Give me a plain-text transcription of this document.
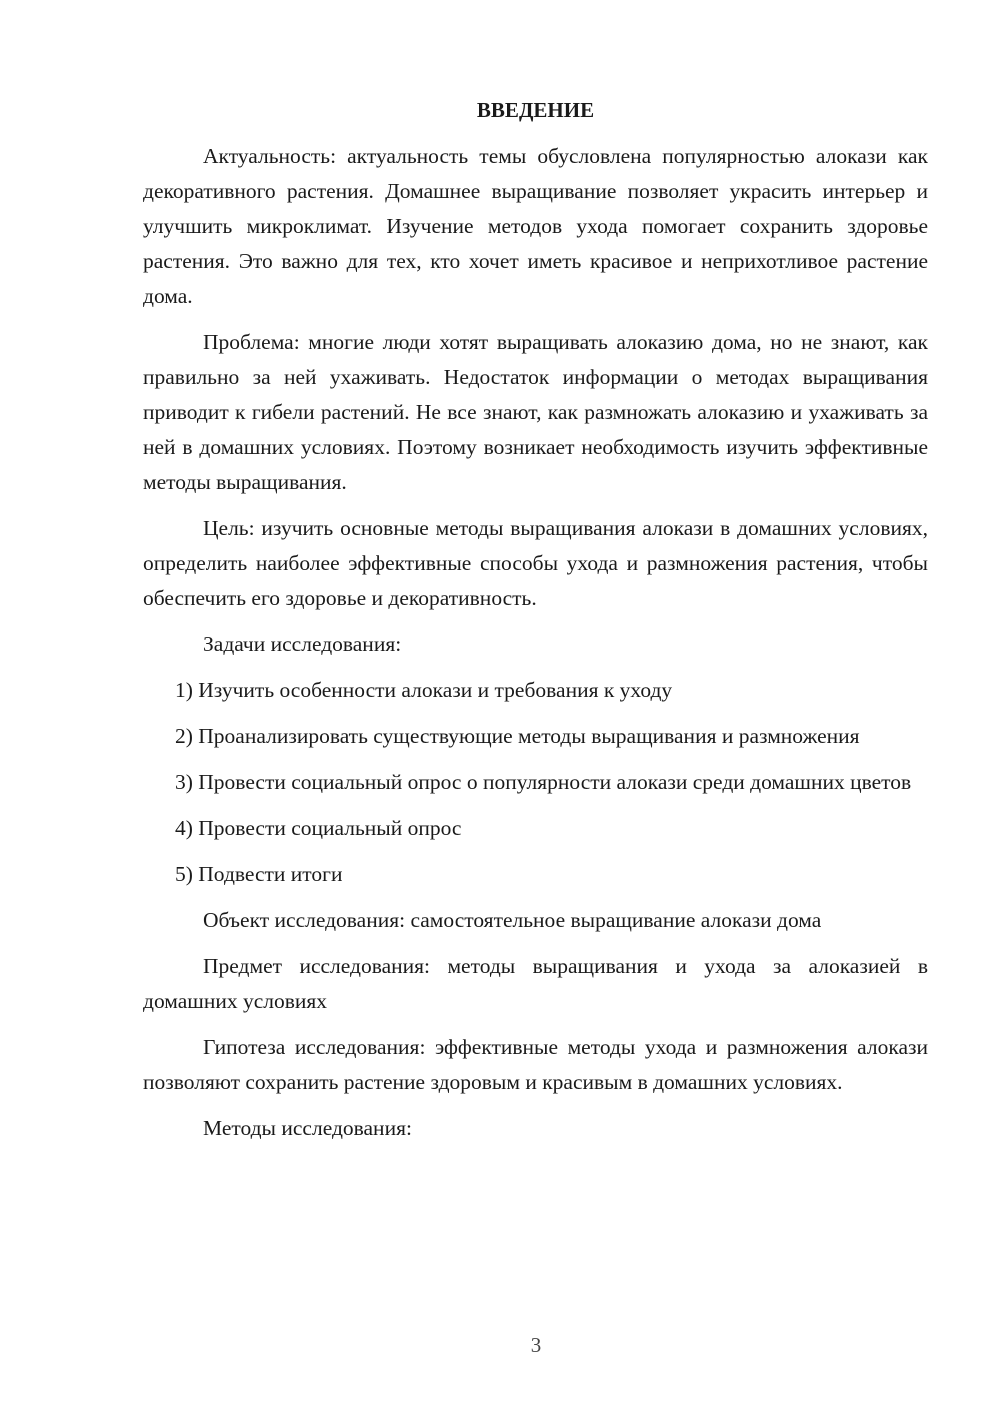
ВВЕДЕНИЕ

Актуальность: актуальность темы обусловлена популярностью алокази как декоративного растения. Домашнее выращивание позволяет украсить интерьер и улучшить микроклимат. Изучение методов ухода помогает сохранить здоровье растения. Это важно для тех, кто хочет иметь красивое и неприхотливое растение дома.

Проблема: многие люди хотят выращивать алоказию дома, но не знают, как правильно за ней ухаживать. Недостаток информации о методах выращивания приводит к гибели растений. Не все знают, как размножать алоказию и ухаживать за ней в домашних условиях. Поэтому возникает необходимость изучить эффективные методы выращивания.

Цель: изучить основные методы выращивания алокази в домашних условиях, определить наиболее эффективные способы ухода и размножения растения, чтобы обеспечить его здоровье и декоративность.

Задачи исследования:

1) Изучить особенности алокази и требования к уходу

2) Проанализировать существующие методы выращивания и размножения

3) Провести социальный опрос о популярности алокази среди домашних цветов

4) Провести социальный опрос

5) Подвести итоги

Объект исследования: самостоятельное выращивание алокази дома

Предмет исследования: методы выращивания и ухода за алоказией в домашних условиях

Гипотеза исследования: эффективные методы ухода и размножения алокази позволяют сохранить растение здоровым и красивым в домашних условиях.

Методы исследования:

3
